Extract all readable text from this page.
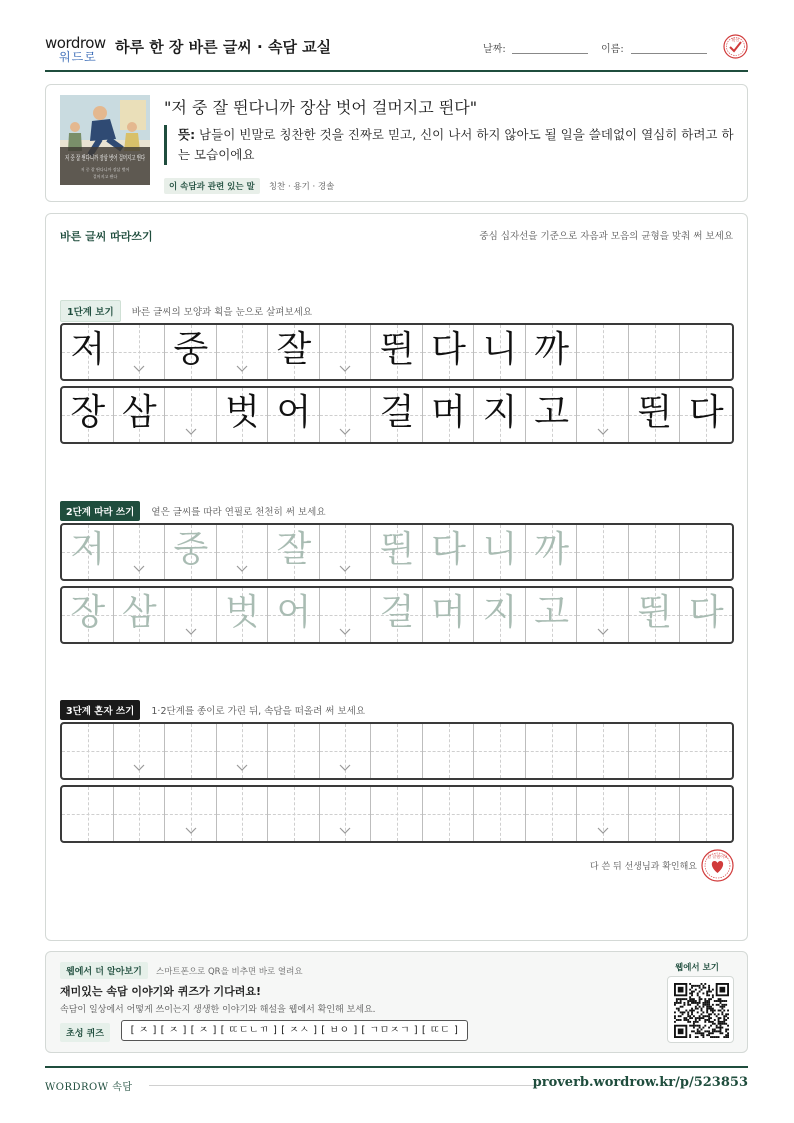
wordrow
워드로
하루 한 장 바른 글씨 · 속담 교실	날짜:	이름:
확인
저 중 잘 뛴다니까 장삼 벗어 걸머지고 뛴다
저 중 잘 뛴다니까 장삼 벗어
걸머지고 뛴다
"저 중 잘 뛴다니까 장삼 벗어 걸머지고 뛴다"
뜻: 남들이 빈말로 칭찬한 것을 진짜로 믿고, 신이 나서 하지 않아도 될 일을 쓸데없이 열심히 하려고 하는 모습이에요
이 속담과 관련 있는 말 칭찬 · 용기 · 경솔
바른 글씨 따라쓰기	중심 십자선을 기준으로 자음과 모음의 균형을 맞춰 써 보세요
1단계 보기 바른 글씨의 모양과 획을 눈으로 살펴보세요
2단계 따라 쓰기 옅은 글씨를 따라 연필로 천천히 써 보세요
3단계 혼자 쓰기 1·2단계를 종이로 가린 뒤, 속담을 떠올려 써 보세요
다 쓴 뒤 선생님과 확인해요
참 잘했어요
저 중 잘 뛴 다 니 까
장 삼 벗 어 걸 머 지 고 뛴 다
저 중 잘 뛴 다 니 까
장 삼 벗 어 걸 머 지 고 뛴 다
웹에서 더 알아보기	스마트폰으로 QR을 비추면 바로 열려요
재미있는 속담 이야기와 퀴즈가 기다려요!
속담이 일상에서 어떻게 쓰이는지 생생한 이야기와 해설을 웹에서 확인해 보세요.
초성 퀴즈	[ ㅈ ] [ ㅈ ] [ ㅈ ] [ ㄸㄷㄴㄲ ] [ ㅈㅅ ] [ ㅂㅇ ] [ ㄱㅁㅈㄱ ] [ ㄸㄷ ]
웹에서 보기
WORDROW 속담	proverb.wordrow.kr/p/523853
